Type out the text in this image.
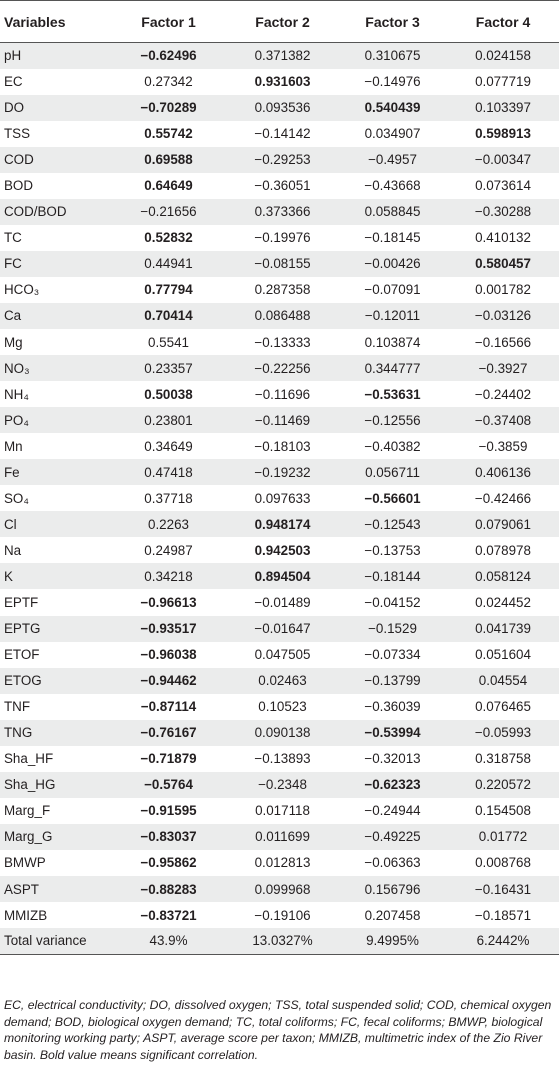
Variables	Factor 1	Factor 2	Factor 3	Factor 4
pH	−0.62496	0.371382	0.310675	0.024158
EC	0.27342	0.931603	−0.14976	0.077719
DO	−0.70289	0.093536	0.540439	0.103397
TSS	0.55742	−0.14142	0.034907	0.598913
COD	0.69588	−0.29253	−0.4957	−0.00347
BOD	0.64649	−0.36051	−0.43668	0.073614
COD/BOD	−0.21656	0.373366	0.058845	−0.30288
TC	0.52832	−0.19976	−0.18145	0.410132
FC	0.44941	−0.08155	−0.00426	0.580457
HCO₃	0.77794	0.287358	−0.07091	0.001782
Ca	0.70414	0.086488	−0.12011	−0.03126
Mg	0.5541	−0.13333	0.103874	−0.16566
NO₃	0.23357	−0.22256	0.344777	−0.3927
NH₄	0.50038	−0.11696	−0.53631	−0.24402
PO₄	0.23801	−0.11469	−0.12556	−0.37408
Mn	0.34649	−0.18103	−0.40382	−0.3859
Fe	0.47418	−0.19232	0.056711	0.406136
SO₄	0.37718	0.097633	−0.56601	−0.42466
Cl	0.2263	0.948174	−0.12543	0.079061
Na	0.24987	0.942503	−0.13753	0.078978
K	0.34218	0.894504	−0.18144	0.058124
EPTF	−0.96613	−0.01489	−0.04152	0.024452
EPTG	−0.93517	−0.01647	−0.1529	0.041739
ETOF	−0.96038	0.047505	−0.07334	0.051604
ETOG	−0.94462	0.02463	−0.13799	0.04554
TNF	−0.87114	0.10523	−0.36039	0.076465
TNG	−0.76167	0.090138	−0.53994	−0.05993
Sha_HF	−0.71879	−0.13893	−0.32013	0.318758
Sha_HG	−0.5764	−0.2348	−0.62323	0.220572
Marg_F	−0.91595	0.017118	−0.24944	0.154508
Marg_G	−0.83037	0.011699	−0.49225	0.01772
BMWP	−0.95862	0.012813	−0.06363	0.008768
ASPT	−0.88283	0.099968	0.156796	−0.16431
MMIZB	−0.83721	−0.19106	0.207458	−0.18571
Total variance	43.9%	13.0327%	9.4995%	6.2442%
EC, electrical conductivity; DO, dissolved oxygen; TSS, total suspended solid; COD, chemical oxygen demand; BOD, biological oxygen demand; TC, total coliforms; FC, fecal coliforms; BMWP, biological monitoring working party; ASPT, average score per taxon; MMIZB, multimetric index of the Zio River basin. Bold value means significant correlation.
